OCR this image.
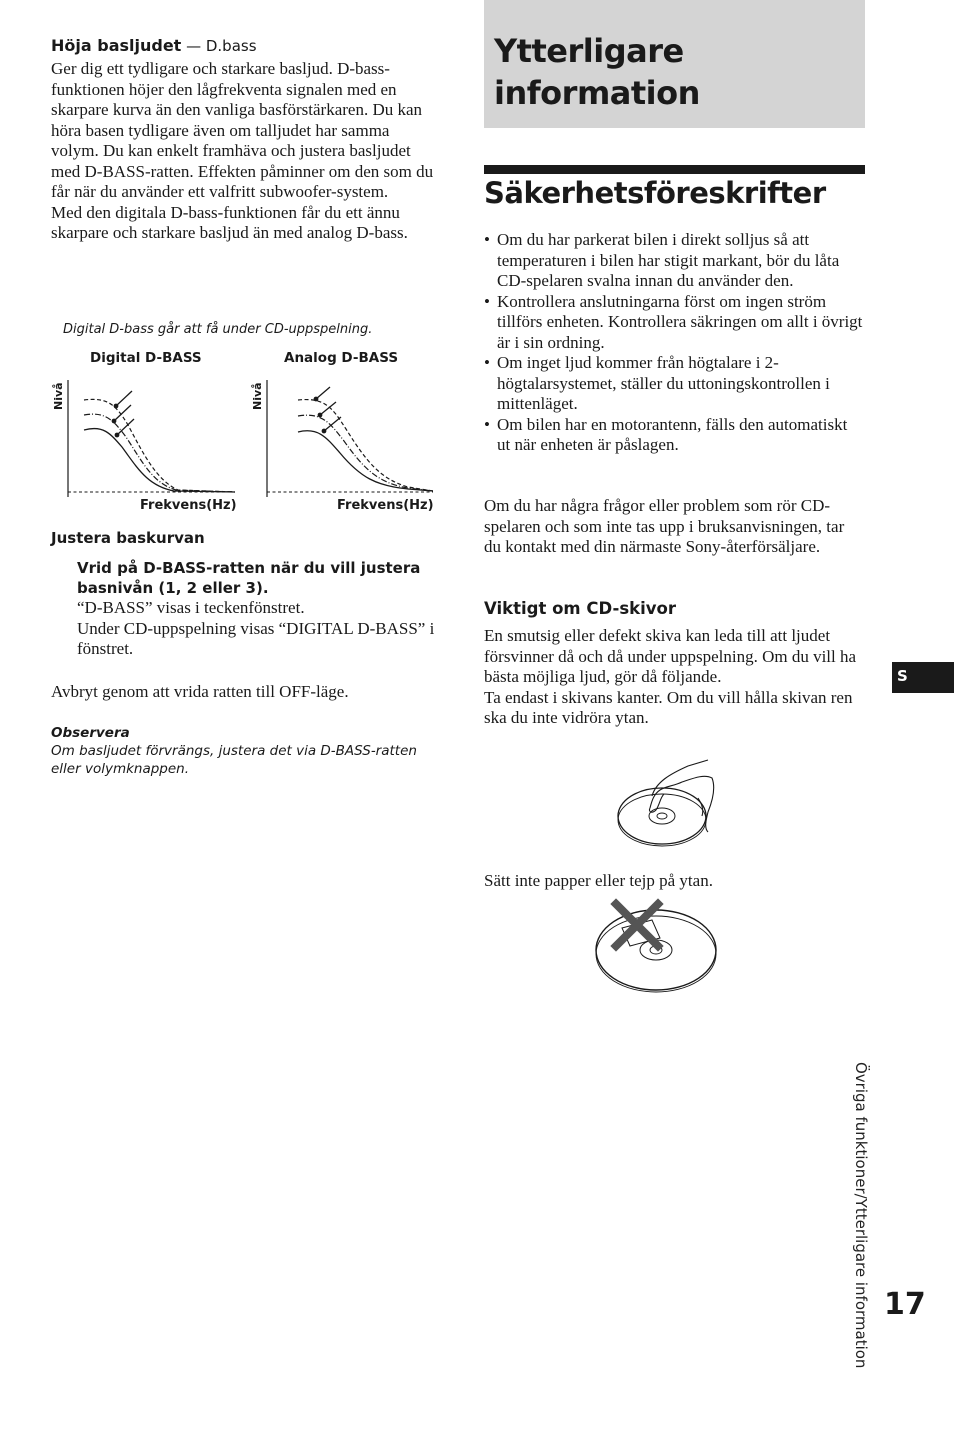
Höja basljudet — D.bass

Ger dig ett tydligare och starkare basljud. D-bass-funktionen höjer den lågfrekventa signalen med en skarpare kurva än den vanliga basförstärkaren. Du kan höra basen tydligare även om talljudet har samma volym. Du kan enkelt framhäva och justera basljudet med D-BASS-ratten. Effekten påminner om den som du får när du använder ett valfritt subwoofer-system.

Med den digitala D-bass-funktionen får du ett ännu skarpare och starkare basljud än med analog D-bass.

Digital D-bass går att få under CD-uppspelning.
Digital D-BASS	Analog D-BASS
Nivå
Frekvens(Hz)
Nivå
Frekvens(Hz)
Justera baskurvan

Vrid på D-BASS-ratten när du vill justera basnivån (1, 2 eller 3).

“D-BASS” visas i teckenfönstret.

Under CD-uppspelning visas “DIGITAL D-BASS” i fönstret.

Avbryt genom att vrida ratten till OFF-läge.
Observera
Om basljudet förvrängs, justera det via D-BASS-ratten eller volymknappen.
Ytterligare
information
Säkerhetsföreskrifter
• Om du har parkerat bilen i direkt solljus så att temperaturen i bilen har stigit markant, bör du låta CD-spelaren svalna innan du använder den.
• Kontrollera anslutningarna först om ingen ström tillförs enheten. Kontrollera säkringen om allt i övrigt är i sin ordning.
• Om inget ljud kommer från högtalare i 2-högtalarsystemet, ställer du uttoningskontrollen i mittenläget.
• Om bilen har en motorantenn, fälls den automatiskt ut när enheten är påslagen.
Om du har några frågor eller problem som rör CD-spelaren och som inte tas upp i bruksanvisningen, tar du kontakt med din närmaste Sony-återförsäljare.
Viktigt om CD-skivor

En smutsig eller defekt skiva kan leda till att ljudet försvinner då och då under uppspelning. Om du vill ha bästa möjliga ljud, gör då följande.

Ta endast i skivans kanter. Om du vill hålla skivan ren ska du inte vidröra ytan.

Sätt inte papper eller tejp på ytan.
S
Övriga funktioner/Ytterligare information 17
